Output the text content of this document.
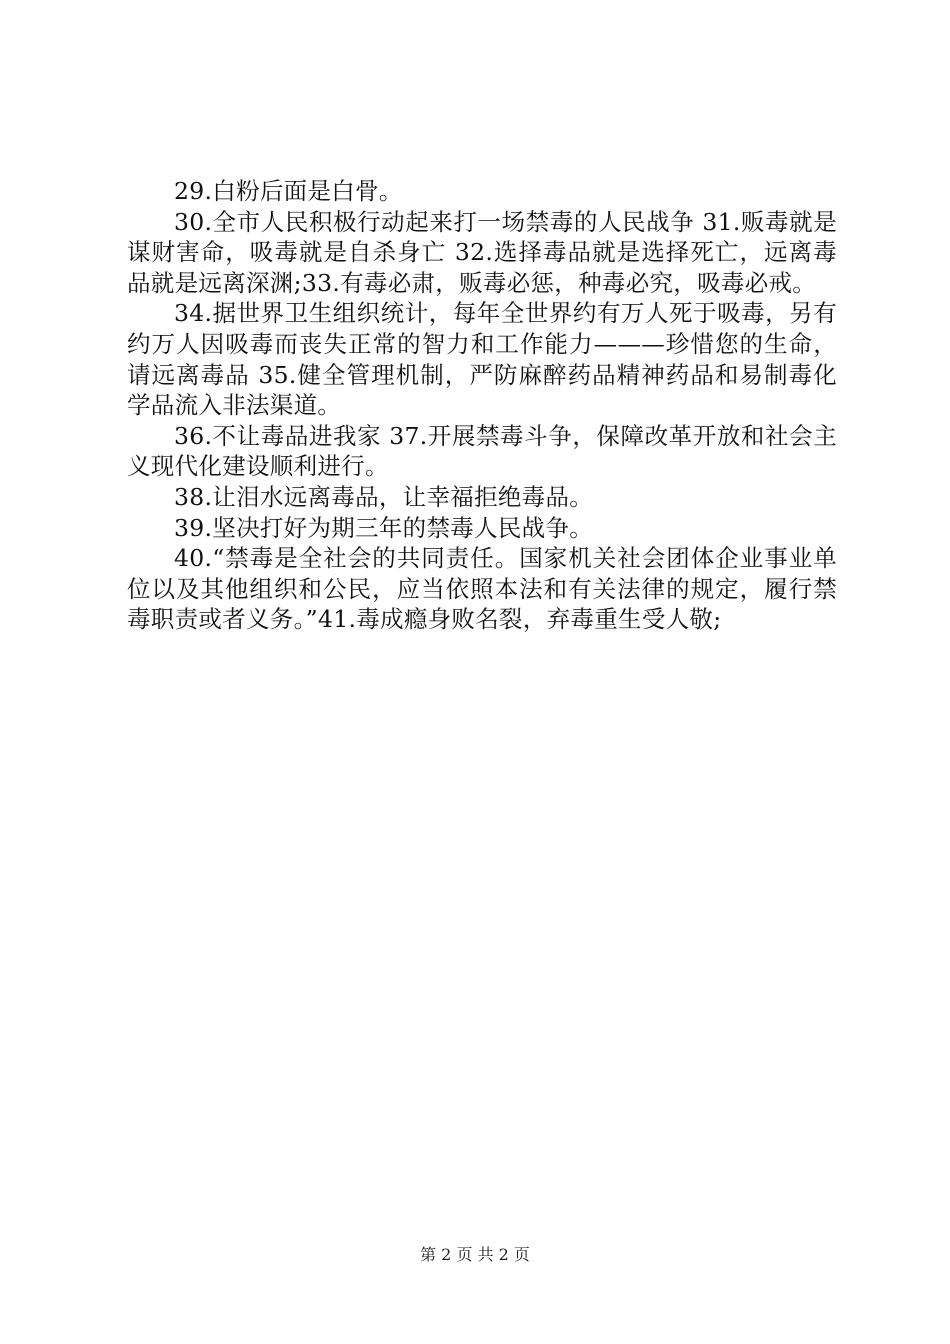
29.白粉后面是白骨。

30.全市人民积极行动起来打一场禁毒的人民战争 31.贩毒就是谋财害命，吸毒就是自杀身亡 32.选择毒品就是选择死亡，远离毒品就是远离深渊;33.有毒必肃，贩毒必惩，种毒必究，吸毒必戒。

34.据世界卫生组织统计，每年全世界约有万人死于吸毒，另有约万人因吸毒而丧失正常的智力和工作能力———珍惜您的生命，请远离毒品 35.健全管理机制，严防麻醉药品精神药品和易制毒化学品流入非法渠道。

36.不让毒品进我家 37.开展禁毒斗争，保障改革开放和社会主义现代化建设顺利进行。

38.让泪水远离毒品，让幸福拒绝毒品。

39.坚决打好为期三年的禁毒人民战争。

40.“禁毒是全社会的共同责任。国家机关社会团体企业事业单位以及其他组织和公民，应当依照本法和有关法律的规定，履行禁毒职责或者义务。”41.毒成瘾身败名裂，弃毒重生受人敬;

第 2 页 共 2 页
